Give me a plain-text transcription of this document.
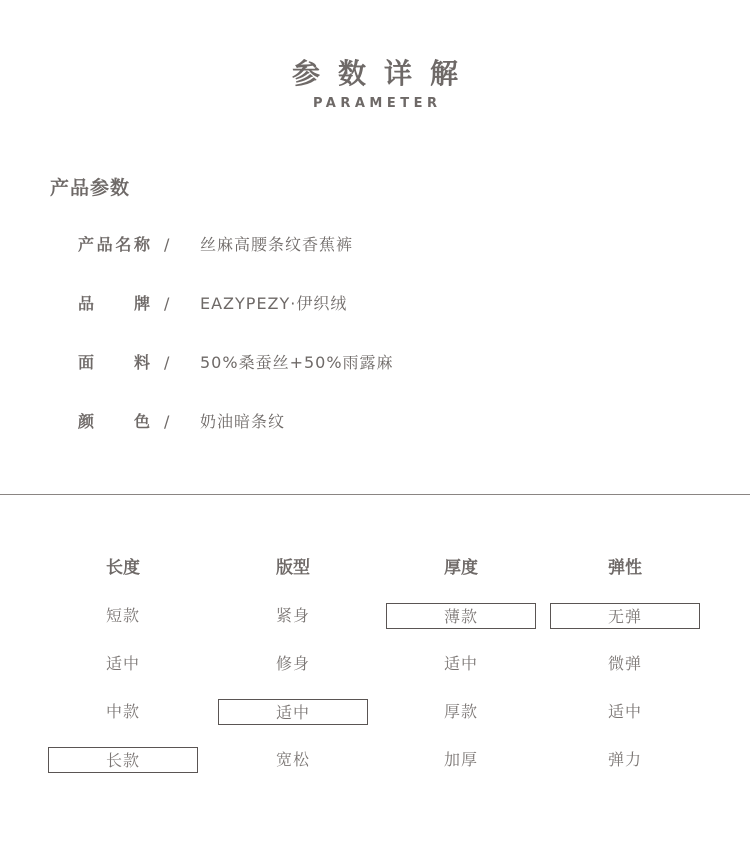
参数详解
PARAMETER
产品参数
产品名称 / 丝麻高腰条纹香蕉裤
品牌 / EAZYPEZY·伊织绒
面料 / 50%桑蚕丝+50%雨露麻
颜色 / 奶油暗条纹
长度
短款
适中
中款
长款
版型
紧身
修身
适中
宽松
厚度
薄款
适中
厚款
加厚
弹性
无弹
微弹
适中
弹力
